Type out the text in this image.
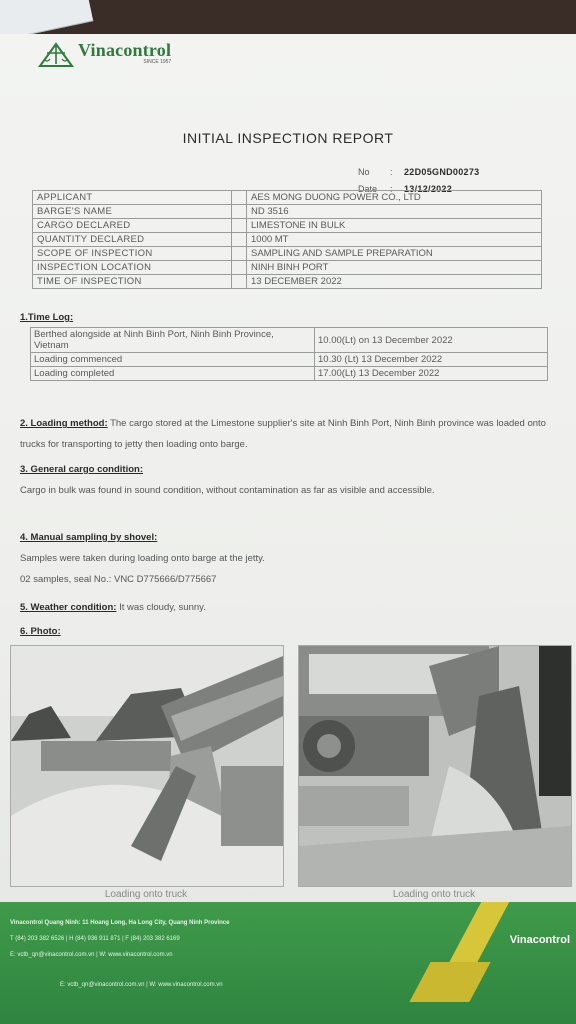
Vinacontrol
SINCE 1957
INITIAL INSPECTION REPORT
No	:	22D05GND00273
Date	:	13/12/2022
APPLICANT		AES MONG DUONG POWER CO., LTD
BARGE'S NAME		ND 3516
CARGO DECLARED		LIMESTONE IN BULK
QUANTITY DECLARED		1000 MT
SCOPE OF INSPECTION		SAMPLING AND SAMPLE PREPARATION
INSPECTION LOCATION		NINH BINH PORT
TIME OF INSPECTION		13 DECEMBER 2022
1.Time Log:
Berthed alongside at Ninh Binh Port, Ninh Binh Province, Vietnam	10.00(Lt) on 13 December 2022
Loading commenced	10.30 (Lt) 13 December 2022
Loading completed	17.00(Lt) 13 December 2022
2. Loading method: The cargo stored at the Limestone supplier's site at Ninh Binh Port, Ninh Binh province was loaded onto trucks for transporting to jetty then loading onto barge.
3. General cargo condition:
Cargo in bulk was found in sound condition, without contamination as far as visible and accessible.
4. Manual sampling by shovel:
Samples were taken during loading onto barge at the jetty.
02 samples, seal No.: VNC D775666/D775667
5. Weather condition: It was cloudy, sunny.
6. Photo:
Loading onto truck	Loading onto truck
Vinacontrol Quang Ninh: 11 Hoang Long, Ha Long City, Quang Ninh Province
T (84) 203 382 6526 | H (84) 936 911 871 | F (84) 203 382 6169
E: vctb_qn@vinacontrol.com.vn | W: www.vinacontrol.com.vn
E: vctb_qn@vinacontrol.com.vn | W: www.vinacontrol.com.vn
Vinacontrol
